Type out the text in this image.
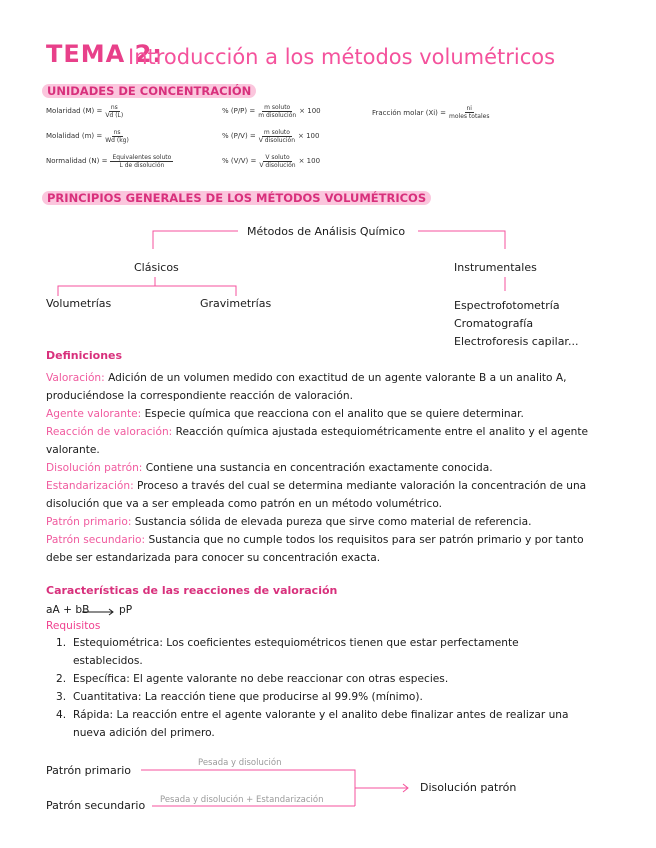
TEMA 2:
Introducción a los métodos volumétricos
UNIDADES DE CONCENTRACIÓN
Molaridad $(M) = \frac{ns}{Vd (L)}$
Molalidad $(m) = \frac{ns}{Wd (kg)}$
Normalidad $(N) = \frac{\text{Equivalentes soluto}}{\text{L de disolución}}$
% $(P/P) = \frac{\text{m soluto}}{\text{m disolución}} \times 100$
% $(P/V) = \frac{\text{m soluto}}{\text{V disolución}} \times 100$
% $(V/V) = \frac{\text{V soluto}}{\text{V disolución}} \times 100$
Fracción molar $(Xi) = \frac{ni}{\text{moles totales}}$
PRINCIPIOS GENERALES DE LOS MÉTODOS VOLUMÉTRICOS
Métodos de Análisis Químico
Clásicos	Instrumentales
Volumetrías	Gravimetrías	Espectrofotometría
Cromatografía
Electroforesis capilar...
Definiciones

Valoración: Adición de un volumen medido con exactitud de un agente valorante B a un analito A, produciéndose la correspondiente reacción de valoración.

Agente valorante: Especie química que reacciona con el analito que se quiere determinar.

Reacción de valoración: Reacción química ajustada estequiométricamente entre el analito y el agente valorante.

Disolución patrón: Contiene una sustancia en concentración exactamente conocida.

Estandarización: Proceso a través del cual se determina mediante valoración la concentración de una disolución que va a ser empleada como patrón en un método volumétrico.

Patrón primario: Sustancia sólida de elevada pureza que sirve como material de referencia.

Patrón secundario: Sustancia que no cumple todos los requisitos para ser patrón primario y por tanto debe ser estandarizada para conocer su concentración exacta.

Características de las reacciones de valoración
aA + bB	pP
Requisitos
1. Estequiométrica: Los coeficientes estequiométricos tienen que estar perfectamente establecidos.
2. Específica: El agente valorante no debe reaccionar con otras especies.
3. Cuantitativa: La reacción tiene que producirse al 99.9% (mínimo).
4. Rápida: La reacción entre el agente valorante y el analito debe finalizar antes de realizar una nueva adición del primero.
Patrón primario
Patrón secundario
Pesada y disolución
Pesada y disolución + Estandarización
Disolución patrón
